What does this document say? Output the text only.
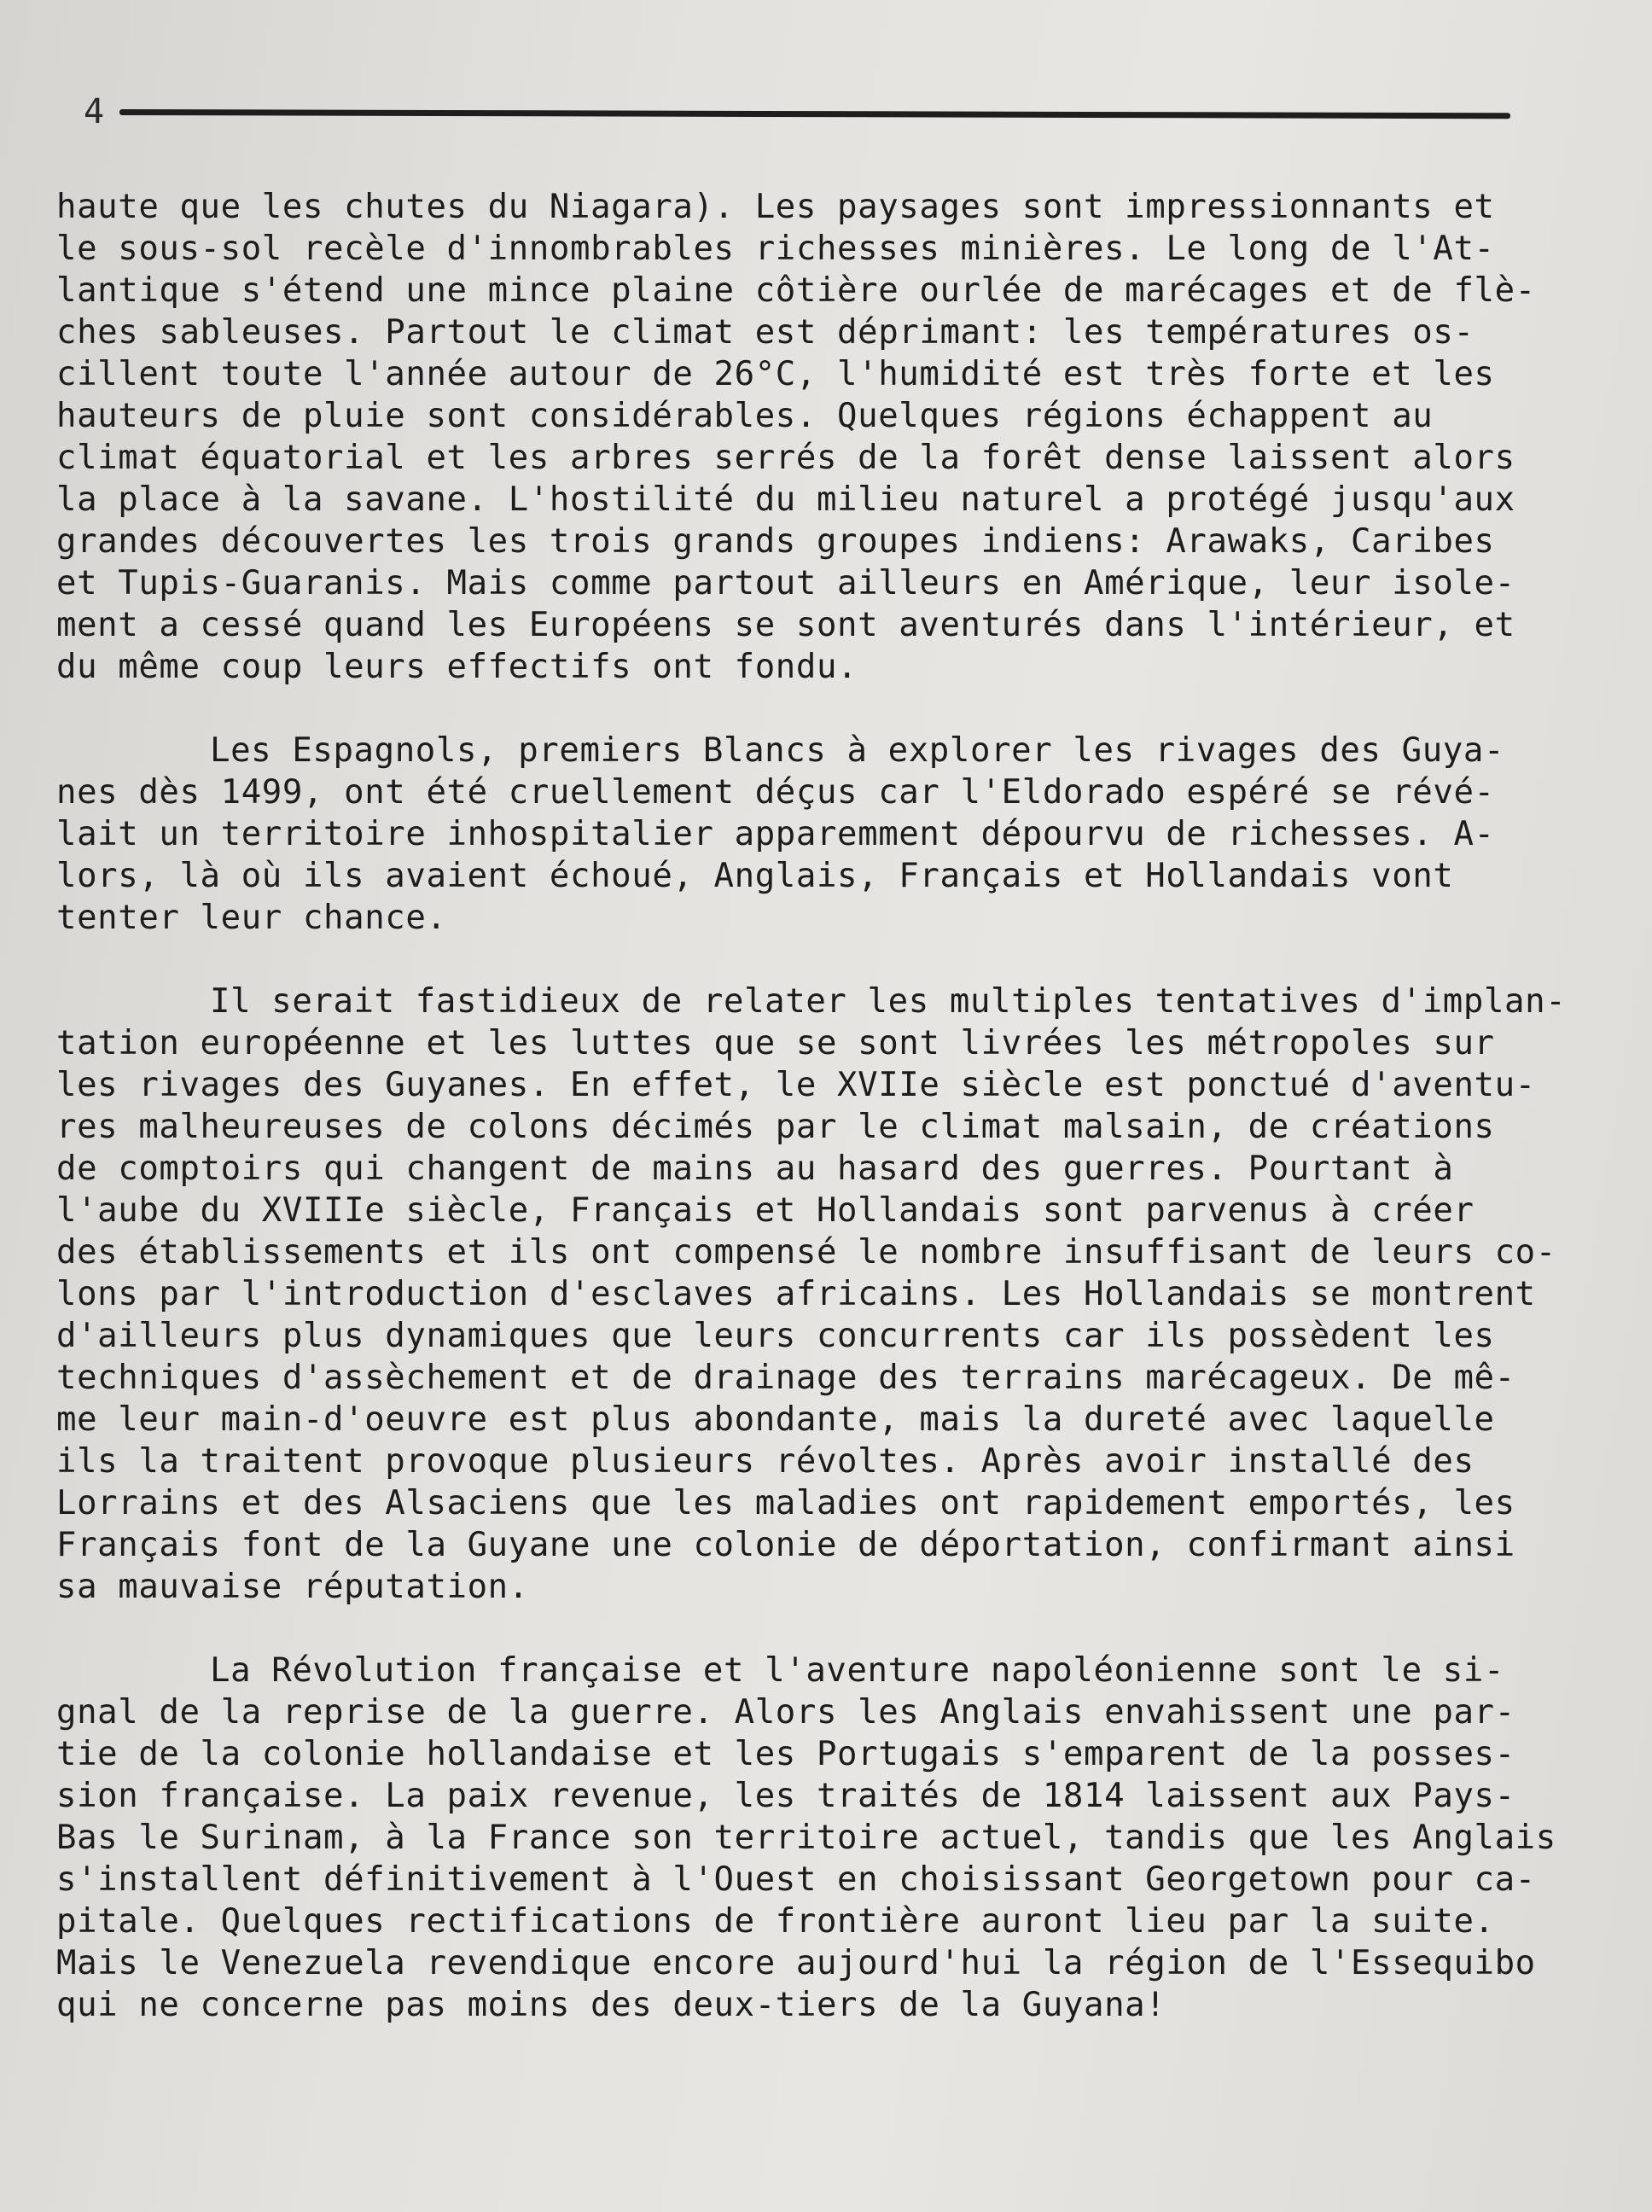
4
haute que les chutes du Niagara). Les paysages sont impressionnants et
le sous-sol recèle d'innombrables richesses minières. Le long de l'At-
lantique s'étend une mince plaine côtière ourlée de marécages et de flè-
ches sableuses. Partout le climat est déprimant: les températures os-
cillent toute l'année autour de 26°C, l'humidité est très forte et les
hauteurs de pluie sont considérables. Quelques régions échappent au
climat équatorial et les arbres serrés de la forêt dense laissent alors
la place à la savane. L'hostilité du milieu naturel a protégé jusqu'aux
grandes découvertes les trois grands groupes indiens: Arawaks, Caribes
et Tupis-Guaranis. Mais comme partout ailleurs en Amérique, leur isole-
ment a cessé quand les Européens se sont aventurés dans l'intérieur, et
du même coup leurs effectifs ont fondu.
Les Espagnols, premiers Blancs à explorer les rivages des Guya-
nes dès 1499, ont été cruellement déçus car l'Eldorado espéré se révé-
lait un territoire inhospitalier apparemment dépourvu de richesses. A-
lors, là où ils avaient échoué, Anglais, Français et Hollandais vont
tenter leur chance.
Il serait fastidieux de relater les multiples tentatives d'implan-
tation européenne et les luttes que se sont livrées les métropoles sur
les rivages des Guyanes. En effet, le XVIIe siècle est ponctué d'aventu-
res malheureuses de colons décimés par le climat malsain, de créations
de comptoirs qui changent de mains au hasard des guerres. Pourtant à
l'aube du XVIIIe siècle, Français et Hollandais sont parvenus à créer
des établissements et ils ont compensé le nombre insuffisant de leurs co-
lons par l'introduction d'esclaves africains. Les Hollandais se montrent
d'ailleurs plus dynamiques que leurs concurrents car ils possèdent les
techniques d'assèchement et de drainage des terrains marécageux. De mê-
me leur main-d'oeuvre est plus abondante, mais la dureté avec laquelle
ils la traitent provoque plusieurs révoltes. Après avoir installé des
Lorrains et des Alsaciens que les maladies ont rapidement emportés, les
Français font de la Guyane une colonie de déportation, confirmant ainsi
sa mauvaise réputation.
La Révolution française et l'aventure napoléonienne sont le si-
gnal de la reprise de la guerre. Alors les Anglais envahissent une par-
tie de la colonie hollandaise et les Portugais s'emparent de la posses-
sion française. La paix revenue, les traités de 1814 laissent aux Pays-
Bas le Surinam, à la France son territoire actuel, tandis que les Anglais
s'installent définitivement à l'Ouest en choisissant Georgetown pour ca-
pitale. Quelques rectifications de frontière auront lieu par la suite.
Mais le Venezuela revendique encore aujourd'hui la région de l'Essequibo
qui ne concerne pas moins des deux-tiers de la Guyana!
